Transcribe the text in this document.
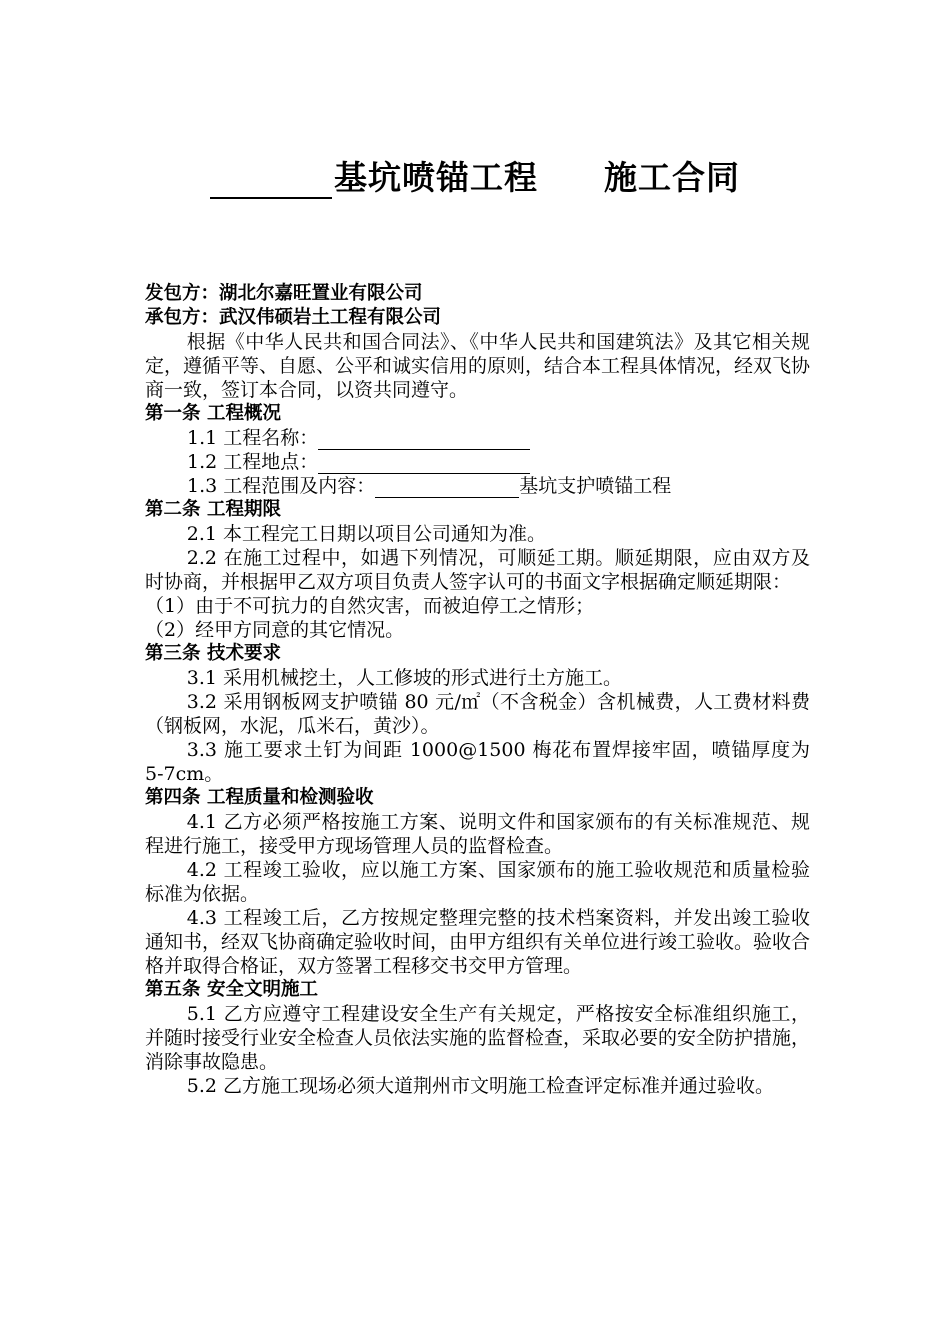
基坑喷锚工程 施工合同

发包方：湖北尔嘉旺置业有限公司

承包方：武汉伟硕岩土工程有限公司

根据《中华人民共和国合同法》、《中华人民共和国建筑法》及其它相关规定，遵循平等、自愿、公平和诚实信用的原则，结合本工程具体情况，经双飞协商一致，签订本合同，以资共同遵守。

第一条 工程概况

1.1 工程名称：

1.2 工程地点：

1.3 工程范围及内容：	基坑支护喷锚工程

第二条 工程期限

2.1 本工程完工日期以项目公司通知为准。

2.2 在施工过程中，如遇下列情况，可顺延工期。顺延期限，应由双方及时协商，并根据甲乙双方项目负责人签字认可的书面文字根据确定顺延期限：

（1）由于不可抗力的自然灾害，而被迫停工之情形；

（2）经甲方同意的其它情况。

第三条 技术要求

3.1 采用机械挖土，人工修坡的形式进行土方施工。

3.2 采用钢板网支护喷锚 80 元/㎡（不含税金）含机械费，人工费材料费（钢板网，水泥，瓜米石，黄沙）。

3.3 施工要求土钉为间距 1000@1500 梅花布置焊接牢固，喷锚厚度为 5-7cm。

第四条 工程质量和检测验收

4.1 乙方必须严格按施工方案、说明文件和国家颁布的有关标准规范、规程进行施工，接受甲方现场管理人员的监督检查。

4.2 工程竣工验收，应以施工方案、国家颁布的施工验收规范和质量检验标准为依据。

4.3 工程竣工后，乙方按规定整理完整的技术档案资料，并发出竣工验收通知书，经双飞协商确定验收时间，由甲方组织有关单位进行竣工验收。验收合格并取得合格证，双方签署工程移交书交甲方管理。

第五条 安全文明施工

5.1 乙方应遵守工程建设安全生产有关规定，严格按安全标准组织施工，并随时接受行业安全检查人员依法实施的监督检查，采取必要的安全防护措施，消除事故隐患。

5.2 乙方施工现场必须大道荆州市文明施工检查评定标准并通过验收。
